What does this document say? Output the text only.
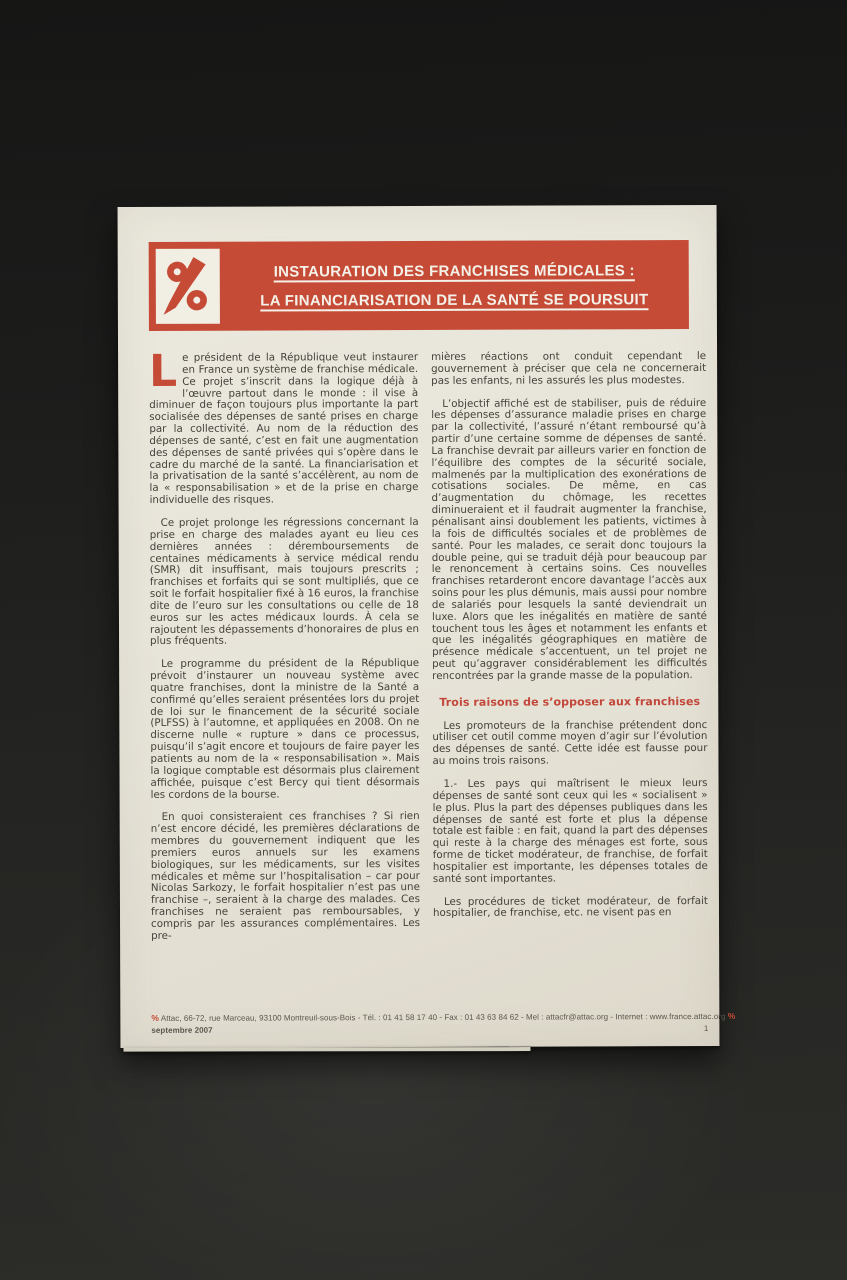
INSTAURATION DES FRANCHISES MÉDICALES :
LA FINANCIARISATION DE LA SANTÉ SE POURSUIT

Le président de la République veut instaurer en France un système de franchise médicale. Ce projet s’inscrit dans la logique déjà à l’œuvre partout dans le monde : il vise à diminuer de façon toujours plus importante la part socialisée des dépenses de santé prises en charge par la collectivité. Au nom de la réduction des dépenses de santé, c’est en fait une augmentation des dépenses de santé privées qui s’opère dans le cadre du marché de la santé. La financiarisation et la privatisation de la santé s’accélèrent, au nom de la « responsabilisation » et de la prise en charge individuelle des risques.

Ce projet prolonge les régressions concernant la prise en charge des malades ayant eu lieu ces dernières années : déremboursements de centaines médicaments à service médical rendu (SMR) dit insuffisant, mais toujours prescrits ; franchises et forfaits qui se sont multipliés, que ce soit le forfait hospitalier fixé à 16 euros, la franchise dite de l’euro sur les consultations ou celle de 18 euros sur les actes médicaux lourds. À cela se rajoutent les dépassements d’honoraires de plus en plus fréquents.

Le programme du président de la République prévoit d’instaurer un nouveau système avec quatre franchises, dont la ministre de la Santé a confirmé qu’elles seraient présentées lors du projet de loi sur le financement de la sécurité sociale (PLFSS) à l’automne, et appliquées en 2008. On ne discerne nulle « rupture » dans ce processus, puisqu’il s’agit encore et toujours de faire payer les patients au nom de la « responsabilisation ». Mais la logique comptable est désormais plus clairement affichée, puisque c’est Bercy qui tient désormais les cordons de la bourse.

En quoi consisteraient ces franchises ? Si rien n’est encore décidé, les premières déclarations de membres du gouvernement indiquent que les premiers euros annuels sur les examens biologiques, sur les médicaments, sur les visites médicales et même sur l’hospitalisation – car pour Nicolas Sarkozy, le forfait hospitalier n’est pas une franchise –, seraient à la charge des malades. Ces franchises ne seraient pas remboursables, y compris par les assurances complémentaires. Les pre-

mières réactions ont conduit cependant le gouvernement à préciser que cela ne concernerait pas les enfants, ni les assurés les plus modestes.

L’objectif affiché est de stabiliser, puis de réduire les dépenses d’assurance maladie prises en charge par la collectivité, l’assuré n’étant remboursé qu’à partir d’une certaine somme de dépenses de santé. La franchise devrait par ailleurs varier en fonction de l’équilibre des comptes de la sécurité sociale, malmenés par la multiplication des exonérations de cotisations sociales. De même, en cas d’augmentation du chômage, les recettes diminueraient et il faudrait augmenter la franchise, pénalisant ainsi doublement les patients, victimes à la fois de difficultés sociales et de problèmes de santé. Pour les malades, ce serait donc toujours la double peine, qui se traduit déjà pour beaucoup par le renoncement à certains soins. Ces nouvelles franchises retarderont encore davantage l’accès aux soins pour les plus démunis, mais aussi pour nombre de salariés pour lesquels la santé deviendrait un luxe. Alors que les inégalités en matière de santé touchent tous les âges et notamment les enfants et que les inégalités géographiques en matière de présence médicale s’accentuent, un tel projet ne peut qu’aggraver considérablement les difficultés rencontrées par la grande masse de la population.

Trois raisons de s’opposer aux franchises

Les promoteurs de la franchise prétendent donc utiliser cet outil comme moyen d’agir sur l’évolution des dépenses de santé. Cette idée est fausse pour au moins trois raisons.

1.- Les pays qui maîtrisent le mieux leurs dépenses de santé sont ceux qui les « socialisent » le plus. Plus la part des dépenses publiques dans les dépenses de santé est forte et plus la dépense totale est faible : en fait, quand la part des dépenses qui reste à la charge des ménages est forte, sous forme de ticket modérateur, de franchise, de forfait hospitalier est importante, les dépenses totales de santé sont importantes.

Les procédures de ticket modérateur, de forfait hospitalier, de franchise, etc. ne visent pas en

% Attac, 66-72, rue Marceau, 93100 Montreuil-sous-Bois - Tél. : 01 41 58 17 40 - Fax : 01 43 63 84 62 - Mel : attacfr@attac.org - Internet : www.france.attac.org %
septembre 2007	1
